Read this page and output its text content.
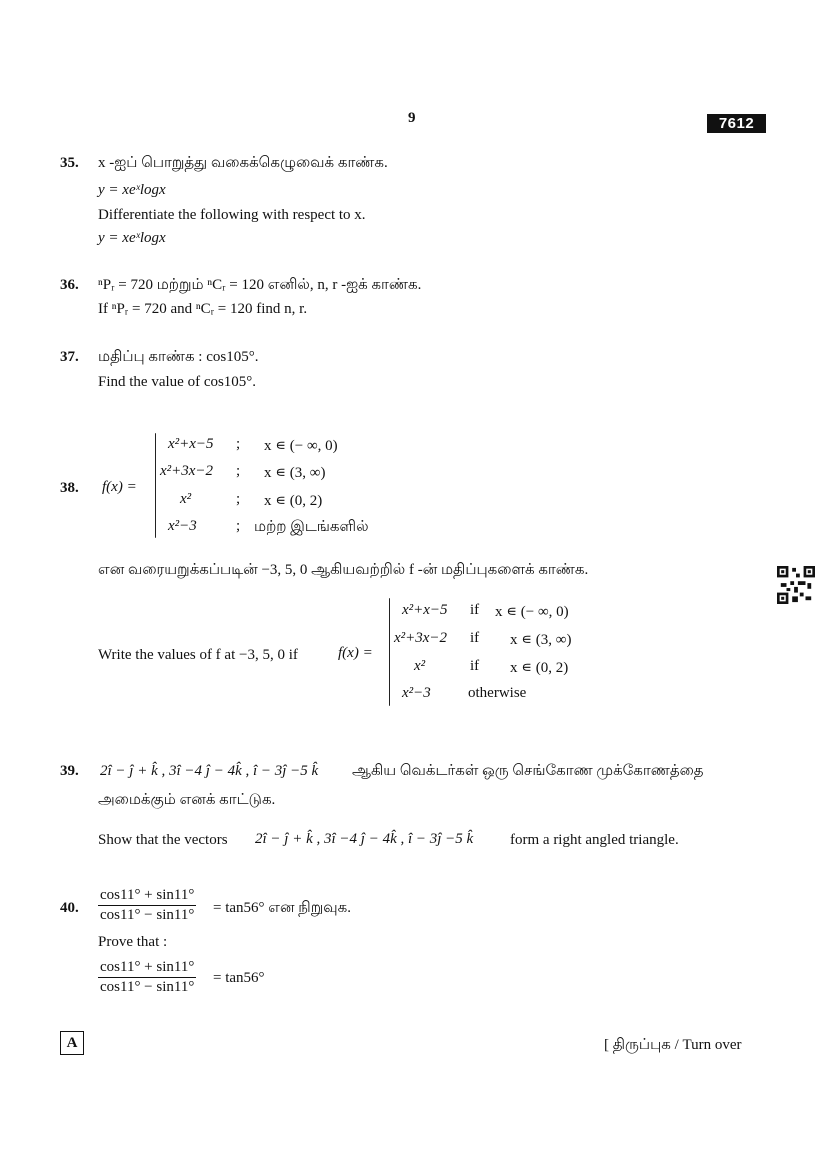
9	7612
35. x -ஐப் பொறுத்து வகைக்கெழுவைக் காண்க.
y = xeˣlogx
Differentiate the following with respect to x.
y = xeˣlogx
36. ⁿPᵣ = 720 மற்றும் ⁿCᵣ = 120 எனில், n, r -ஐக் காண்க.
If ⁿPᵣ = 720 and ⁿCᵣ = 120 find n, r.
37. மதிப்பு காண்க : cos105°.
Find the value of cos105°.
38. f(x) =
x²+x−5 ; x ∊ (− ∞, 0)
x²+3x−2 ; x ∊ (3, ∞)
x²	; x ∊ (0, 2)
x²−3	; மற்ற இடங்களில்
என வரையறுக்கப்படின் −3, 5, 0 ஆகியவற்றில் f -ன் மதிப்புகளைக் காண்க.
Write the values of f at −3, 5, 0 if	f(x) =
x²+x−5 if x ∊ (− ∞, 0)
x²+3x−2 if x ∊ (3, ∞)
x²	if x ∊ (0, 2)
x²−3 otherwise
39. 2î − ĵ + k̂ , 3î −4 ĵ − 4k̂ , î − 3ĵ −5 k̂ ஆகிய வெக்டர்கள் ஒரு செங்கோண முக்கோணத்தை
அமைக்கும் எனக் காட்டுக.
Show that the vectors 2î − ĵ + k̂ , 3î −4 ĵ − 4k̂ , î − 3ĵ −5 k̂ form a right angled triangle.
40. $\frac{\cos 11^\circ + \sin 11^\circ}{\cos 11^\circ - \sin 11^\circ} = \tan 56^\circ$ என நிறுவுக.
Prove that :
$\frac{\cos 11^\circ + \sin 11^\circ}{\cos 11^\circ - \sin 11^\circ} = \tan 56^\circ$
A	[ திருப்புக / Turn over
